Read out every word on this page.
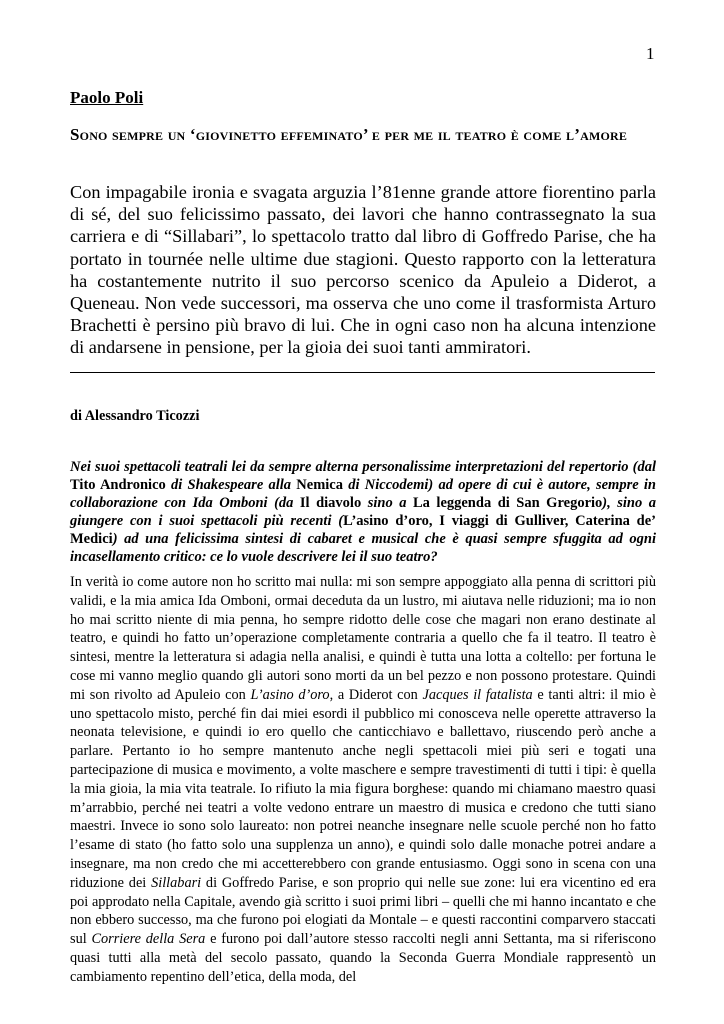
1
Paolo Poli
Sono sempre un ‘giovinetto effeminato’ e per me il teatro è come l’amore
Con impagabile ironia e svagata arguzia l’81enne grande attore fiorentino parla di sé, del suo felicissimo passato, dei lavori che hanno contrassegnato la sua carriera e di “Sillabari”, lo spettacolo tratto dal libro di Goffredo Parise, che ha portato in tournée nelle ultime due stagioni. Questo rapporto con la letteratura ha costantemente nutrito il suo percorso scenico da Apuleio a Diderot, a Queneau. Non vede successori, ma osserva che uno come il trasformista Arturo Brachetti è persino più bravo di lui. Che in ogni caso non ha alcuna intenzione di andarsene in pensione, per la gioia dei suoi tanti ammiratori.
di Alessandro Ticozzi
Nei suoi spettacoli teatrali lei da sempre alterna personalissime interpretazioni del repertorio (dal Tito Andronico di Shakespeare alla Nemica di Niccodemi) ad opere di cui è autore, sempre in collaborazione con Ida Omboni (da Il diavolo sino a La leggenda di San Gregorio), sino a giungere con i suoi spettacoli più recenti (L’asino d’oro, I viaggi di Gulliver, Caterina de’ Medici) ad una felicissima sintesi di cabaret e musical che è quasi sempre sfuggita ad ogni incasellamento critico: ce lo vuole descrivere lei il suo teatro?
In verità io come autore non ho scritto mai nulla: mi son sempre appoggiato alla penna di scrittori più validi, e la mia amica Ida Omboni, ormai deceduta da un lustro, mi aiutava nelle riduzioni; ma io non ho mai scritto niente di mia penna, ho sempre ridotto delle cose che magari non erano destinate al teatro, e quindi ho fatto un’operazione completamente contraria a quello che fa il teatro. Il teatro è sintesi, mentre la letteratura si adagia nella analisi, e quindi è tutta una lotta a coltello: per fortuna le cose mi vanno meglio quando gli autori sono morti da un bel pezzo e non possono protestare. Quindi mi son rivolto ad Apuleio con L’asino d’oro, a Diderot con Jacques il fatalista e tanti altri: il mio è uno spettacolo misto, perché fin dai miei esordi il pubblico mi conosceva nelle operette attraverso la neonata televisione, e quindi io ero quello che canticchiavo e ballettavo, riuscendo però anche a parlare. Pertanto io ho sempre mantenuto anche negli spettacoli miei più seri e togati una partecipazione di musica e movimento, a volte maschere e sempre travestimenti di tutti i tipi: è quella la mia gioia, la mia vita teatrale. Io rifiuto la mia figura borghese: quando mi chiamano maestro quasi m’arrabbio, perché nei teatri a volte vedono entrare un maestro di musica e credono che tutti siano maestri. Invece io sono solo laureato: non potrei neanche insegnare nelle scuole perché non ho fatto l’esame di stato (ho fatto solo una supplenza un anno), e quindi solo dalle monache potrei andare a insegnare, ma non credo che mi accetterebbero con grande entusiasmo. Oggi sono in scena con una riduzione dei Sillabari di Goffredo Parise, e son proprio qui nelle sue zone: lui era vicentino ed era poi approdato nella Capitale, avendo già scritto i suoi primi libri – quelli che mi hanno incantato e che non ebbero successo, ma che furono poi elogiati da Montale – e questi raccontini comparvero staccati sul Corriere della Sera e furono poi dall’autore stesso raccolti negli anni Settanta, ma si riferiscono quasi tutti alla metà del secolo passato, quando la Seconda Guerra Mondiale rappresentò un cambiamento repentino dell’etica, della moda, del
